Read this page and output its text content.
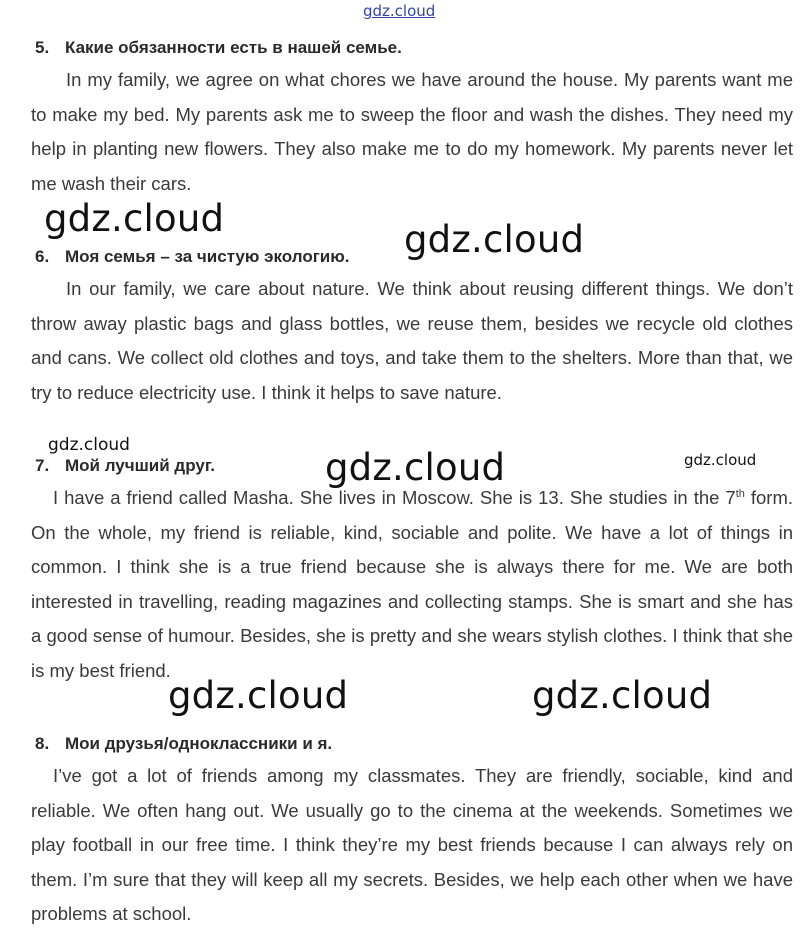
gdz.cloud
5. Какие обязанности есть в нашей семье.

In my family, we agree on what chores we have around the house. My parents want me to make my bed. My parents ask me to sweep the floor and wash the dishes. They need my help in planting new flowers. They also make me to do my homework. My parents never let me wash their cars.

6. Моя семья – за чистую экологию.

In our family, we care about nature. We think about reusing different things. We don’t throw away plastic bags and glass bottles, we reuse them, besides we recycle old clothes and cans. We collect old clothes and toys, and take them to the shelters. More than that, we try to reduce electricity use. I think it helps to save nature.

7. Мой лучший друг.

I have a friend called Masha. She lives in Moscow. She is 13. She studies in the 7th form. On the whole, my friend is reliable, kind, sociable and polite. We have a lot of things in common. I think she is a true friend because she is always there for me. We are both interested in travelling, reading magazines and collecting stamps. She is smart and she has a good sense of humour. Besides, she is pretty and she wears stylish clothes. I think that she is my best friend.

8. Мои друзья/одноклассники и я.

I’ve got a lot of friends among my classmates. They are friendly, sociable, kind and reliable. We often hang out. We usually go to the cinema at the weekends. Sometimes we play football in our free time. I think they’re my best friends because I can always rely on them. I’m sure that they will keep all my secrets. Besides, we help each other when we have problems at school.

gdz.cloud	gdz.cloud
gdz.cloud
gdz.cloud	gdz.cloud
gdz.cloud	gdz.cloud
